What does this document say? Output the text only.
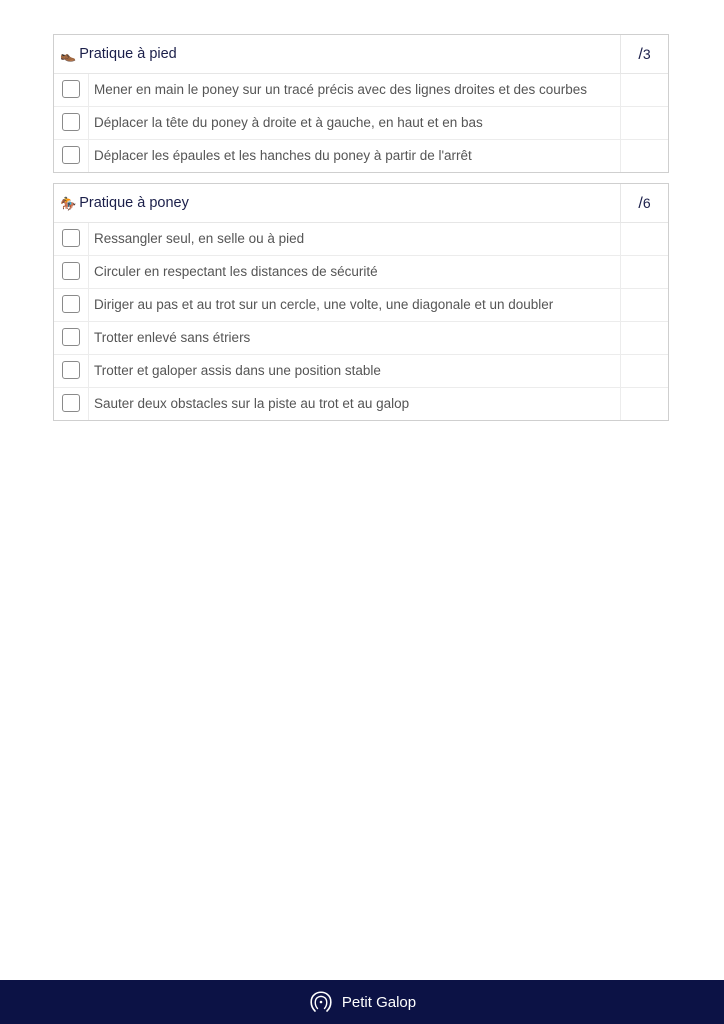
👞 Pratique à pied	/3
Mener en main le poney sur un tracé précis avec des lignes droites et des courbes
Déplacer la tête du poney à droite et à gauche, en haut et en bas
Déplacer les épaules et les hanches du poney à partir de l'arrêt
🏇 Pratique à poney	/6
Ressangler seul, en selle ou à pied
Circuler en respectant les distances de sécurité
Diriger au pas et au trot sur un cercle, une volte, une diagonale et un doubler
Trotter enlevé sans étriers
Trotter et galoper assis dans une position stable
Sauter deux obstacles sur la piste au trot et au galop
Petit Galop
